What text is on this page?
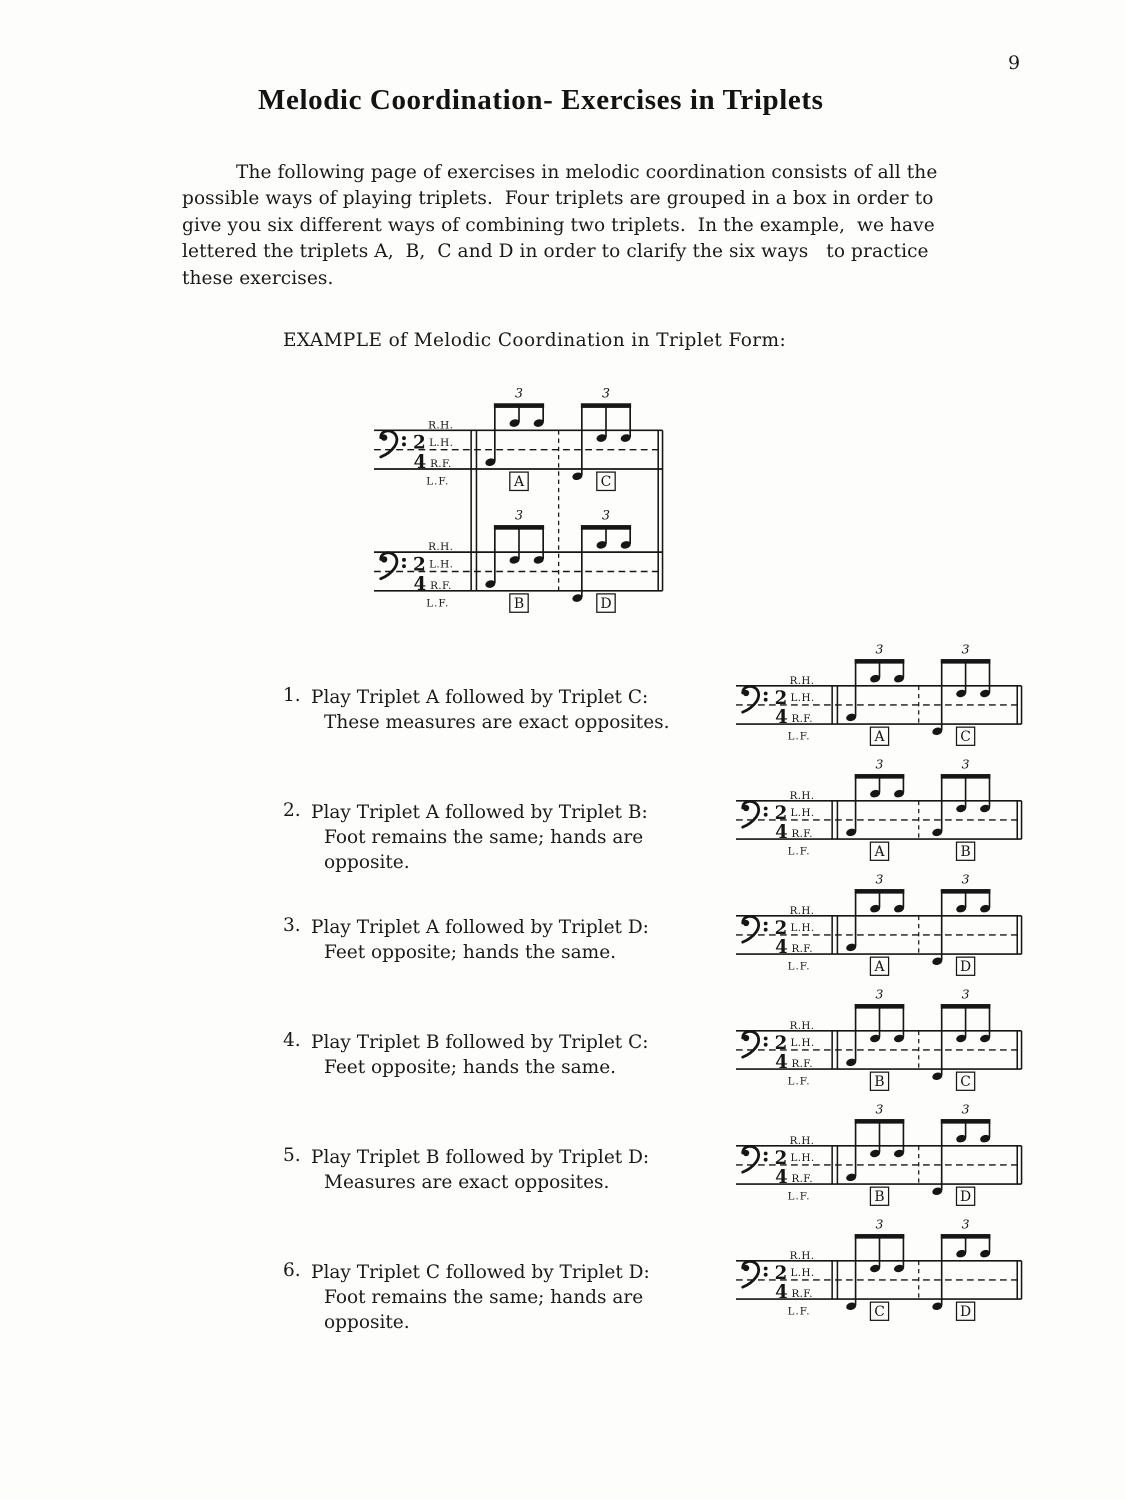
9
Melodic Coordination- Exercises in Triplets
The following page of exercises in melodic coordination consists of all the
possible ways of playing triplets.  Four triplets are grouped in a box in order to
give you six different ways of combining two triplets.  In the example,  we have
lettered the triplets A,  B,  C and D in order to clarify the six ways   to practice
these exercises.
EXAMPLE of Melodic Coordination in Triplet Form:
R.H.
L.H.
R.F.
L.F.
2
4
3
A
3
C
R.H.
L.H.
R.F.
L.F.
2
4
3
B
3
D
1. Play Triplet A followed by Triplet C:
These measures are exact opposites.
R.H.
L.H.
R.F.
L.F.
2
4
3
A
3
C
2. Play Triplet A followed by Triplet B:
Foot remains the same; hands are
opposite.
R.H.
L.H.
R.F.
L.F.
2
4
3
A
3
B
3. Play Triplet A followed by Triplet D:
Feet opposite; hands the same.
R.H.
L.H.
R.F.
L.F.
2
4
3
A
3
D
4. Play Triplet B followed by Triplet C:
Feet opposite; hands the same.
R.H.
L.H.
R.F.
L.F.
2
4
3
B
3
C
5. Play Triplet B followed by Triplet D:
Measures are exact opposites.
R.H.
L.H.
R.F.
L.F.
2
4
3
B
3
D
6. Play Triplet C followed by Triplet D:
Foot remains the same; hands are
opposite.
R.H.
L.H.
R.F.
L.F.
2
4
3
C
3
D
